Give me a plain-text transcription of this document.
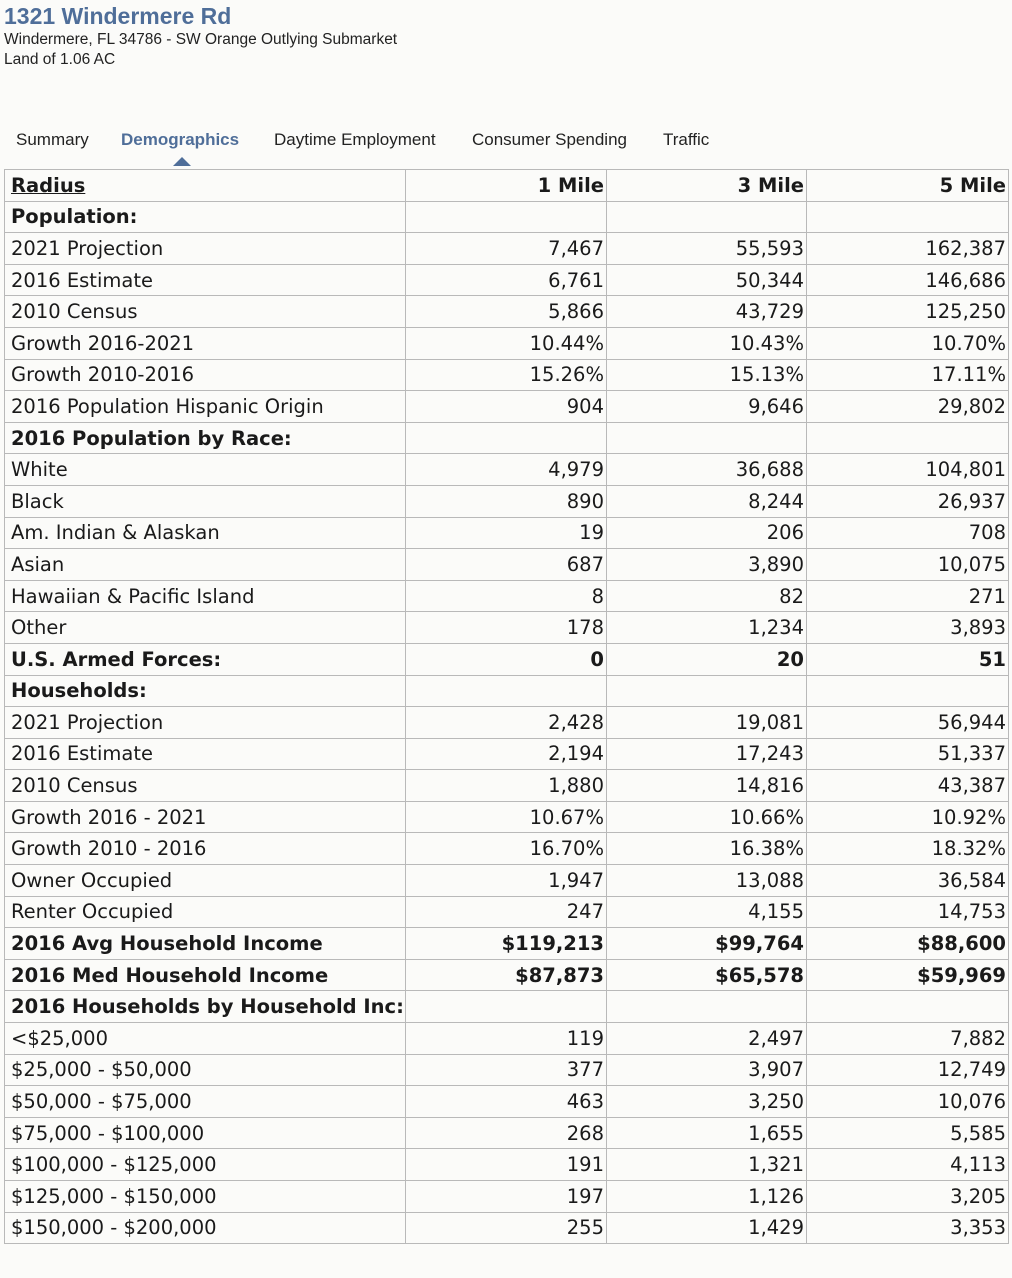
1321 Windermere Rd
Windermere, FL 34786 - SW Orange Outlying Submarket
Land of 1.06 AC
Summary Demographics Daytime Employment Consumer Spending Traffic
Radius	1 Mile	3 Mile	5 Mile
Population:			
2021 Projection	7,467	55,593	162,387
2016 Estimate	6,761	50,344	146,686
2010 Census	5,866	43,729	125,250
Growth 2016-2021	10.44%	10.43%	10.70%
Growth 2010-2016	15.26%	15.13%	17.11%
2016 Population Hispanic Origin	904	9,646	29,802
2016 Population by Race:			
White	4,979	36,688	104,801
Black	890	8,244	26,937
Am. Indian & Alaskan	19	206	708
Asian	687	3,890	10,075
Hawaiian & Pacific Island	8	82	271
Other	178	1,234	3,893
U.S. Armed Forces:	0	20	51
Households:			
2021 Projection	2,428	19,081	56,944
2016 Estimate	2,194	17,243	51,337
2010 Census	1,880	14,816	43,387
Growth 2016 - 2021	10.67%	10.66%	10.92%
Growth 2010 - 2016	16.70%	16.38%	18.32%
Owner Occupied	1,947	13,088	36,584
Renter Occupied	247	4,155	14,753
2016 Avg Household Income	$119,213	$99,764	$88,600
2016 Med Household Income	$87,873	$65,578	$59,969
2016 Households by Household Inc:			
<$25,000	119	2,497	7,882
$25,000 - $50,000	377	3,907	12,749
$50,000 - $75,000	463	3,250	10,076
$75,000 - $100,000	268	1,655	5,585
$100,000 - $125,000	191	1,321	4,113
$125,000 - $150,000	197	1,126	3,205
$150,000 - $200,000	255	1,429	3,353
